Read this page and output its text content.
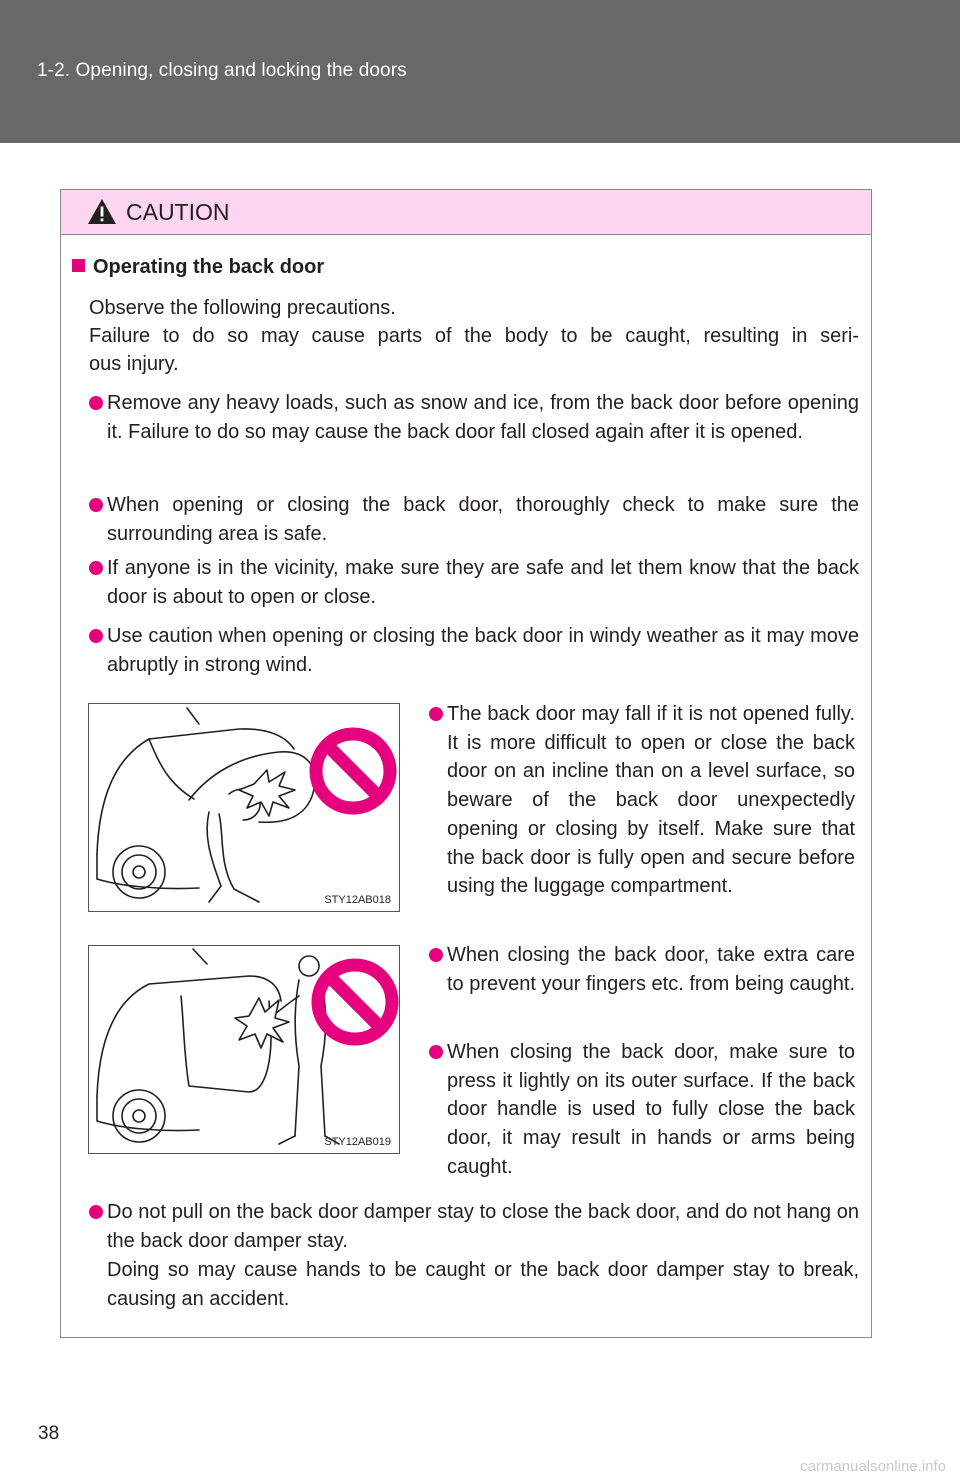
1-2. Opening, closing and locking the doors
CAUTION
Operating the back door
Observe the following precautions.
Failure to do so may cause parts of the body to be caught, resulting in seri-
ous injury.
Remove any heavy loads, such as snow and ice, from the back door before opening it. Failure to do so may cause the back door fall closed again after it is opened.
When opening or closing the back door, thoroughly check to make sure the surrounding area is safe.
If anyone is in the vicinity, make sure they are safe and let them know that the back door is about to open or close.
Use caution when opening or closing the back door in windy weather as it may move abruptly in strong wind.
STY12AB018
The back door may fall if it is not opened fully. It is more difficult to open or close the back door on an incline than on a level surface, so beware of the back door unexpectedly opening or closing by itself. Make sure that the back door is fully open and secure before using the luggage compartment.
STY12AB019
When closing the back door, take extra care to prevent your fingers etc. from being caught.
When closing the back door, make sure to press it lightly on its outer surface. If the back door handle is used to fully close the back door, it may result in hands or arms being caught.
Do not pull on the back door damper stay to close the back door, and do not hang on the back door damper stay.
Doing so may cause hands to be caught or the back door damper stay to break, causing an accident.
38
carmanualsonline.info
